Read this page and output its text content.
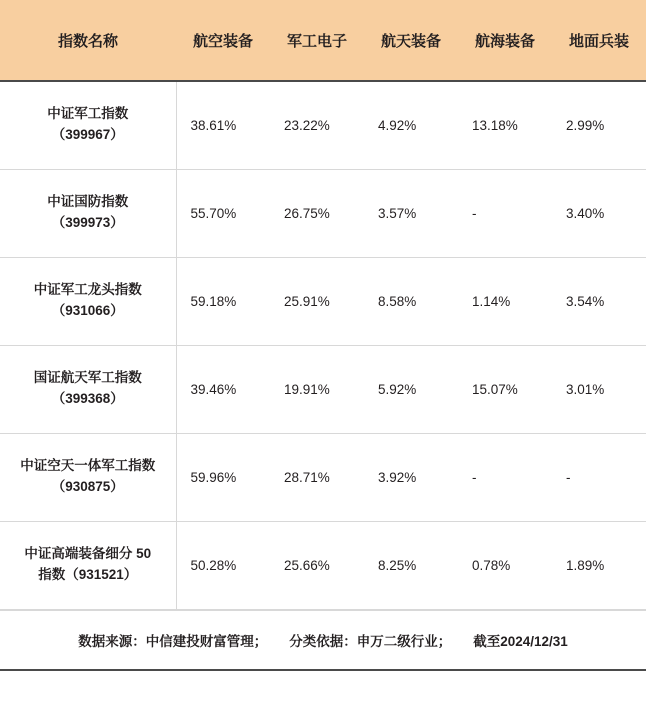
指数名称	航空装备	军工电子	航天装备	航海装备	地面兵装

中证军工指数
（399967）	38.61%	23.22%	4.92%	13.18%	2.99%

中证国防指数
（399973）	55.70%	26.75%	3.57%	-	3.40%

中证军工龙头指数
（931066）	59.18%	25.91%	8.58%	1.14%	3.54%

国证航天军工指数
（399368）	39.46%	19.91%	5.92%	15.07%	3.01%

中证空天一体军工指数
（930875）	59.96%	28.71%	3.92%	-	-

中证高端装备细分 50
指数（931521）	50.28%	25.66%	8.25%	0.78%	1.89%
数据来源：中信建投财富管理； 分类依据：申万二级行业； 截至2024/12/31
